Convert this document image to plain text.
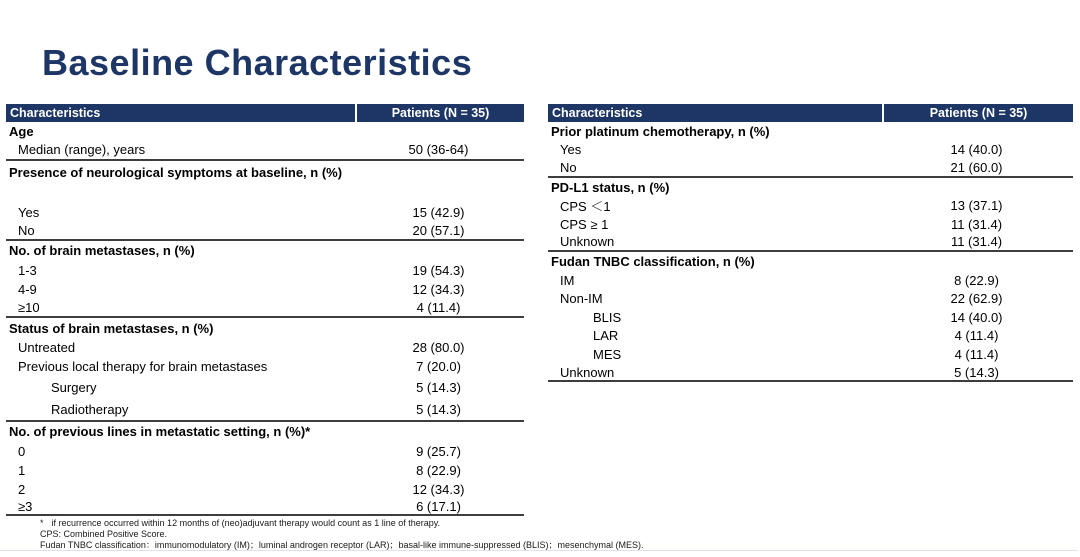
Baseline Characteristics
Characteristics	Patients (N = 35)
Age
Median (range), years	50 (36-64)
Presence of neurological symptoms at baseline, n (%)
Yes	15 (42.9)
No	20 (57.1)
No. of brain metastases, n (%)
1-3	19 (54.3)
4-9	12 (34.3)
≥10	4 (11.4)
Status of brain metastases, n (%)
Untreated	28 (80.0)
Previous local therapy for brain metastases	7 (20.0)
Surgery	5 (14.3)
Radiotherapy	5 (14.3)
No. of previous lines in metastatic setting, n (%)*
0	9 (25.7)
1	8 (22.9)
2	12 (34.3)
≥3	6 (17.1)
Characteristics	Patients (N = 35)
Prior platinum chemotherapy, n (%)
Yes	14 (40.0)
No	21 (60.0)
PD-L1 status, n (%)
CPS ＜1	13 (37.1)
CPS ≥ 1	11 (31.4)
Unknown	11 (31.4)
Fudan TNBC classification, n (%)
IM	8 (22.9)
Non-IM	22 (62.9)
BLIS	14 (40.0)
LAR	4 (11.4)
MES	4 (11.4)
Unknown	5 (14.3)
* if recurrence occurred within 12 months of (neo)adjuvant therapy would count as 1 line of therapy.
CPS: Combined Positive Score.
Fudan TNBC classification：immunomodulatory (IM)；luminal androgen receptor (LAR)；basal-like immune-suppressed (BLIS)；mesenchymal (MES).
